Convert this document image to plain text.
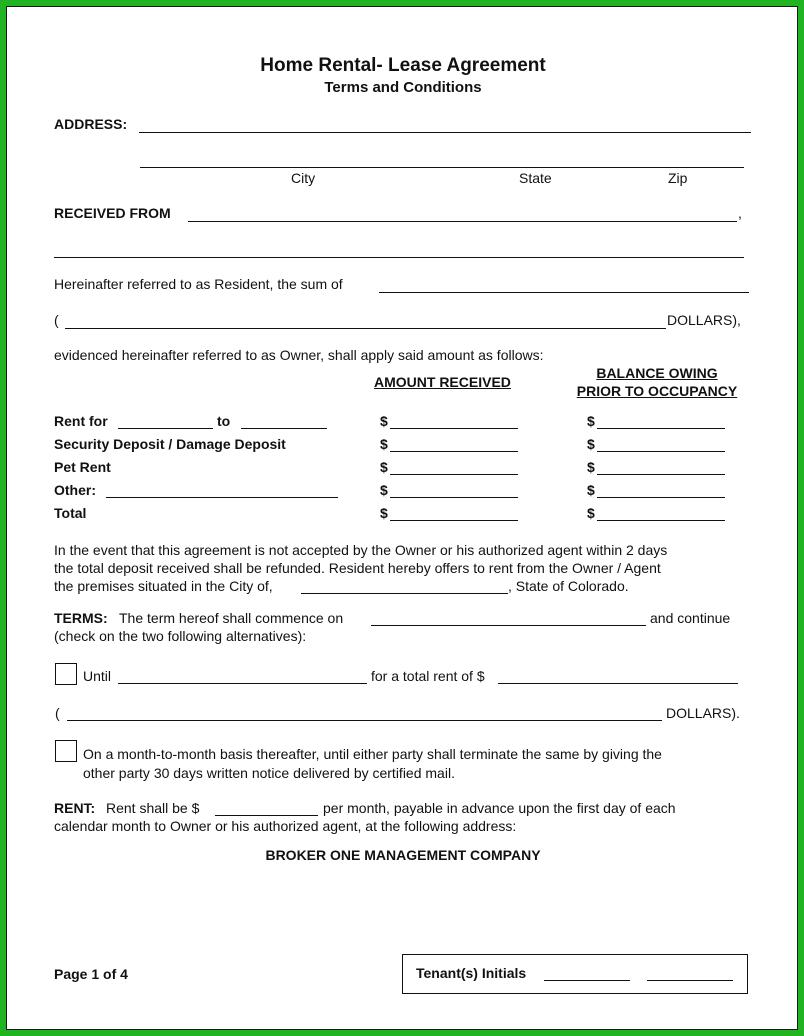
Home Rental- Lease Agreement
Terms and Conditions
ADDRESS:
City	State	Zip
RECEIVED FROM	,
Hereinafter referred to as Resident, the sum of
(	DOLLARS),
evidenced hereinafter referred to as Owner, shall apply said amount as follows:
AMOUNT RECEIVED
BALANCE OWING
PRIOR TO OCCUPANCY
Rent for	to	$	$
Security Deposit / Damage Deposit	$	$
Pet Rent	$	$
Other:	$	$
Total	$	$
In the event that this agreement is not accepted by the Owner or his authorized agent within 2 days
the total deposit received shall be refunded. Resident hereby offers to rent from the Owner / Agent
the premises situated in the City of,	, State of Colorado.
TERMS: The term hereof shall commence on	and continue
(check on the two following alternatives):
Until	for a total rent of $
(	DOLLARS).
On a month-to-month basis thereafter, until either party shall terminate the same by giving the
other party 30 days written notice delivered by certified mail.
RENT: Rent shall be $	per month, payable in advance upon the first day of each
calendar month to Owner or his authorized agent, at the following address:
BROKER ONE MANAGEMENT COMPANY
Page 1 of 4	Tenant(s) Initials
